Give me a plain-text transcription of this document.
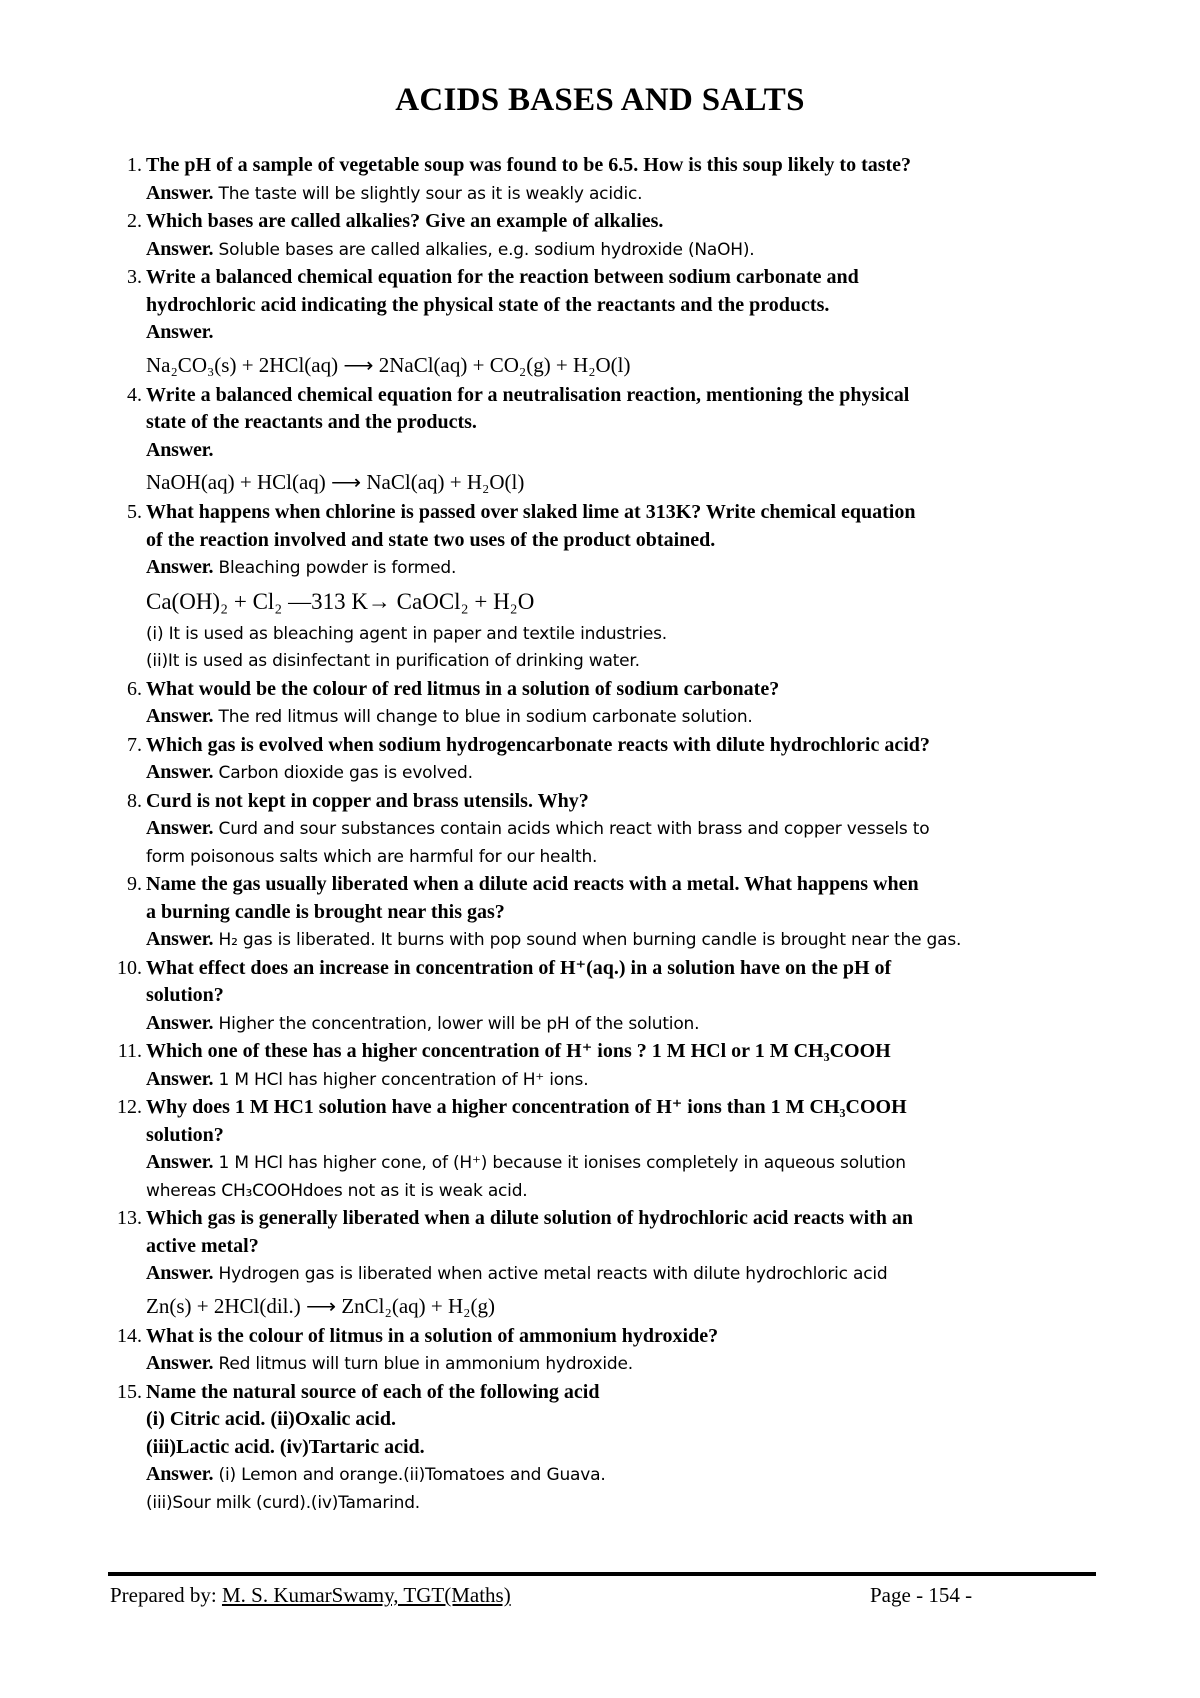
ACIDS BASES AND SALTS
1. The pH of a sample of vegetable soup was found to be 6.5. How is this soup likely to taste?
Answer. The taste will be slightly sour as it is weakly acidic.
2. Which bases are called alkalies? Give an example of alkalies.
Answer. Soluble bases are called alkalies, e.g. sodium hydroxide (NaOH).
3. Write a balanced chemical equation for the reaction between sodium carbonate and
hydrochloric acid indicating the physical state of the reactants and the products.
Answer.
Na₂CO₃(s) + 2HCl(aq) ⟶ 2NaCl(aq) + CO₂(g) + H₂O(l)
4. Write a balanced chemical equation for a neutralisation reaction, mentioning the physical
state of the reactants and the products.
Answer.
NaOH(aq) + HCl(aq) ⟶ NaCl(aq) + H₂O(l)
5. What happens when chlorine is passed over slaked lime at 313K? Write chemical equation
of the reaction involved and state two uses of the product obtained.
Answer. Bleaching powder is formed.
Ca(OH)₂ + Cl₂ —313 K→ CaOCl₂ + H₂O
(i) It is used as bleaching agent in paper and textile industries.
(ii)It is used as disinfectant in purification of drinking water.
6. What would be the colour of red litmus in a solution of sodium carbonate?
Answer. The red litmus will change to blue in sodium carbonate solution.
7. Which gas is evolved when sodium hydrogencarbonate reacts with dilute hydrochloric acid?
Answer. Carbon dioxide gas is evolved.
8. Curd is not kept in copper and brass utensils. Why?
Answer. Curd and sour substances contain acids which react with brass and copper vessels to
form poisonous salts which are harmful for our health.
9. Name the gas usually liberated when a dilute acid reacts with a metal. What happens when
a burning candle is brought near this gas?
Answer. H₂ gas is liberated. It burns with pop sound when burning candle is brought near the gas.
10. What effect does an increase in concentration of H⁺(aq.) in a solution have on the pH of
solution?
Answer. Higher the concentration, lower will be pH of the solution.
11. Which one of these has a higher concentration of H⁺ ions ? 1 M HCl or 1 M CH₃COOH
Answer. 1 M HCl has higher concentration of H⁺ ions.
12. Why does 1 M HC1 solution have a higher concentration of H⁺ ions than 1 M CH₃COOH
solution?
Answer. 1 M HCl has higher cone, of (H⁺) because it ionises completely in aqueous solution
whereas CH₃COOHdoes not as it is weak acid.
13. Which gas is generally liberated when a dilute solution of hydrochloric acid reacts with an
active metal?
Answer. Hydrogen gas is liberated when active metal reacts with dilute hydrochloric acid
Zn(s) + 2HCl(dil.) ⟶ ZnCl₂(aq) + H₂(g)
14. What is the colour of litmus in a solution of ammonium hydroxide?
Answer. Red litmus will turn blue in ammonium hydroxide.
15. Name the natural source of each of the following acid
(i) Citric acid. (ii)Oxalic acid.
(iii)Lactic acid. (iv)Tartaric acid.
Answer. (i) Lemon and orange.(ii)Tomatoes and Guava.
(iii)Sour milk (curd).(iv)Tamarind.
Prepared by: M. S. KumarSwamy, TGT(Maths)	Page - 154 -
